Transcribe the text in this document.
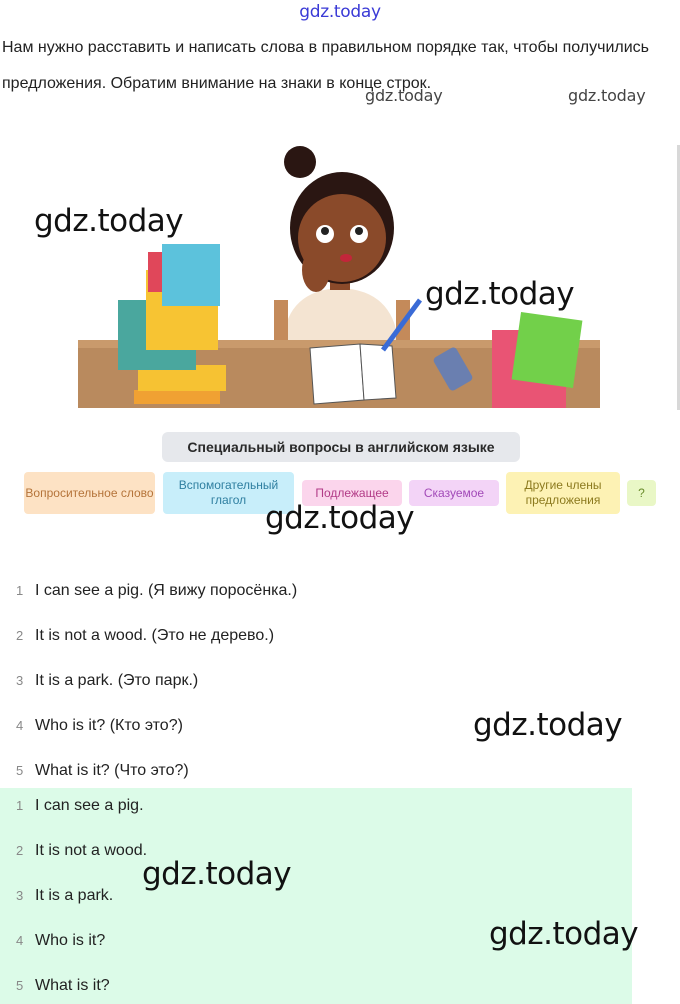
gdz.today
Нам нужно расставить и написать слова в правильном порядке так, чтобы получились предложения. Обратим внимание на знаки в конце строк.
gdz.today	gdz.today
gdz.today
gdz.today
Специальный вопросы в английском языке
Вопросительное слово
Вспомогательный глагол
Подлежащее	Сказуемое
Другие члены предложения
?
gdz.today
1 I can see a pig. (Я вижу поросёнка.)
2 It is not a wood. (Это не дерево.)
3 It is a park. (Это парк.)
4 Who is it? (Кто это?)
5 What is it? (Что это?)
gdz.today
1 I can see a pig.
2 It is not a wood.
3 It is a park.
4 Who is it?
5 What is it?
gdz.today
gdz.today
